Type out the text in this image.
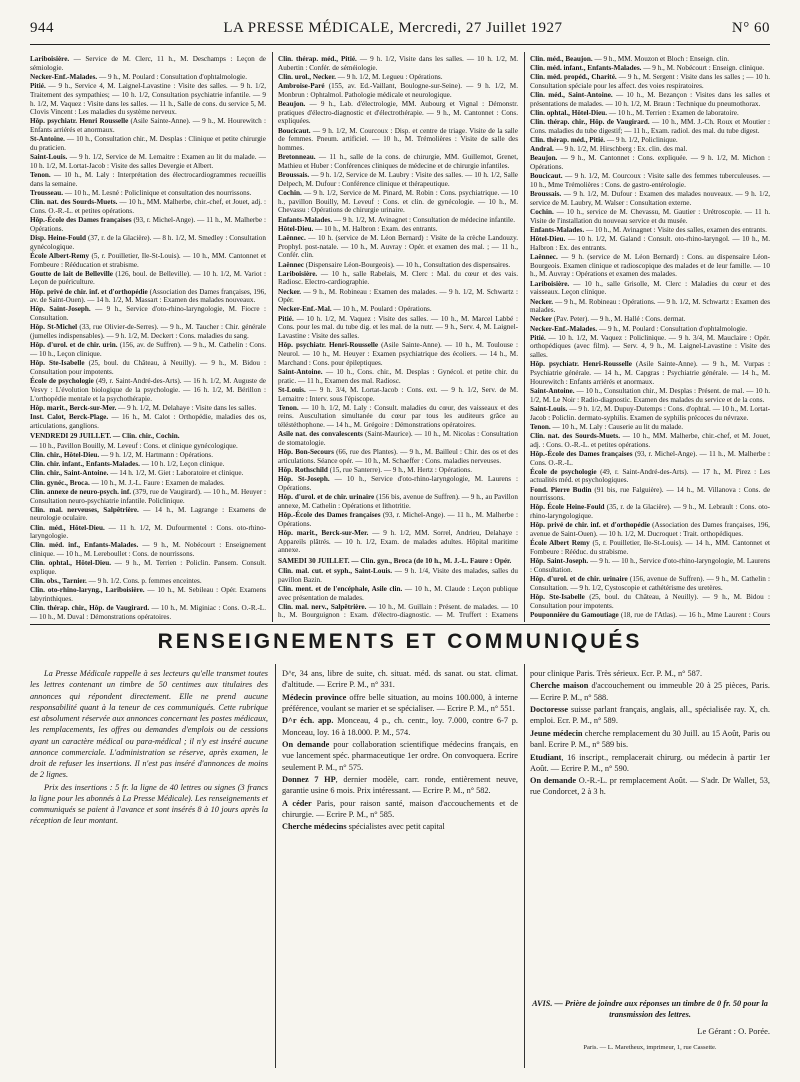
944	LA PRESSE MÉDICALE, Mercredi, 27 Juillet 1927	N° 60
Lariboisière. — Service de M. Clerc, 11 h., M. Deschamps : Leçon de sémiologie.
Necker-Enf.-Malades. — 9 h., M. Poulard : Consultation d'ophtalmologie.
Pitié. — 9 h., Service 4, M. Laignel-Lavastine : Visite des salles. — 9 h. 1/2, Traitement des sympathies; — 10 h. 1/2, Consultation psychiatrie infantile. — 9 h. 1/2, M. Vaquez : Visite dans les salles. — 11 h., Salle de cons. du service 5, M. Clovis Vincent : Les maladies du système nerveux.
Hôp. psychiatr. Henri Rousselle (Asile Sainte-Anne). — 9 h., M. Hourewitch : Enfants arriérés et anormaux.
St-Antoine. — 10 h., Consultation chir., M. Desplas : Clinique et petite chirurgie du praticien.
Saint-Louis. — 9 h. 1/2, Service de M. Lemaitre : Examen au lit du malade. — 10 h. 1/2, M. Lortat-Jacob : Visite des salles Devergie et Albert.
Tenon. — 10 h., M. Laly : Interprétation des électrocardiogrammes recueillis dans la semaine.
Trousseau. — 10 h., M. Lesné : Policlinique et consultation des nourrissons.
Clin. nat. des Sourds-Muets. — 10 h., MM. Malherbe, chir.-chef, et Jouet, adj. : Cons. O.-R.-L. et petites opérations.
Hôp.-École des Dames françaises (93, r. Michel-Ange). — 11 h., M. Malherbe : Opérations.
Disp. Heine-Fould (37, r. de la Glacière). — 8 h. 1/2, M. Smedley : Consultation gynécologique.
École Albert-Remy (5, r. Pouilletier, Ile-St-Louis). — 10 h., MM. Cantonnet et Fombeure : Rééducation et strabisme.
Goutte de lait de Belleville (126, boul. de Belleville). — 10 h. 1/2, M. Variot : Leçon de puériculture.
Hôp. privé de chir. inf. et d'orthopédie (Association des Dames françaises, 196, av. de Saint-Ouen). — 14 h. 1/2, M. Massart : Examen des malades nouveaux.
Hôp. Saint-Joseph. — 9 h., Service d'oto-rhino-laryngologie, M. Fiocre : Consultation.
Hôp. St-Michel (33, rue Olivier-de-Serres). — 9 h., M. Taucher : Chir. générale (jumelles indispensables). — 9 h. 1/2, M. Deckert : Cons. maladies du sang.
Hôp. d'urol. et de chir. urin. (156, av. de Suffren). — 9 h., M. Cathelin : Cons. — 10 h., Leçon clinique.
Hôp. Ste-Isabelle (25, boul. du Château, à Neuilly). — 9 h., M. Bidou : Consultation pour impotents.
École de psychologie (49, r. Saint-André-des-Arts). — 16 h. 1/2, M. Auguste de Vesvy : L'évolution biologique de la psychologie. — 16 h. 1/2, M. Bérillon : L'orthopédie mentale et la psychothérapie.
Hôp. marit., Berck-sur-Mer. — 9 h. 1/2, M. Delahaye : Visite dans les salles.
Inst. Calot, Berck-Plage. — 16 h., M. Calot : Orthopédie, maladies des os, articulations, ganglions.
VENDREDI 29 JUILLET. — Clin. chir., Cochin.
— 10 h., Pavillon Bouilly, M. Leveuf : Cons. et clinique gynécologique.
Clin. chir., Hôtel-Dieu. — 9 h. 1/2, M. Hartmann : Opérations.
Clin. chir. infant., Enfants-Malades. — 10 h. 1/2, Leçon clinique.
Clin. chir., Saint-Antoine. — 14 h. 1/2, M. Giet : Laboratoire et clinique.
Clin. gynéc., Broca. — 10 h., M. J.-L. Faure : Examen de malades.
Clin. annexe de neuro-psych. inf. (379, rue de Vaugirard). — 10 h., M. Heuyer : Consultation neuro-psychiatrie infantile. Policlinique.
Clin. mal. nerveuses, Salpêtrière. — 14 h., M. Lagrange : Examens de neurologie oculaire.
Clin. méd., Hôtel-Dieu. — 11 h. 1/2, M. Dufourmentel : Cons. oto-rhino-laryngologie.
Clin. méd. inf., Enfants-Malades. — 9 h., M. Nobécourt : Enseignement clinique. — 10 h., M. Lereboullet : Cons. de nourrissons.
Clin. ophtal., Hôtel-Dieu. — 9 h., M. Terrien : Policlin. Pansem. Consult. explique.
Clin. obs., Tarnier. — 9 h. 1/2. Cons. p. femmes enceintes.
Clin. oto-rhino-laryng., Lariboisière. — 10 h., M. Sebileau : Opér. Examens labyrinthiques.
Clin. thérap. chir., Hôp. de Vaugirard. — 10 h., M. Miginiac : Cons. O.-R.-L. — 10 h., M. Duval : Démonstrations opératoires.
Clin. thérap. méd., Pitié. — 9 h. 1/2, Visite dans les salles. — 10 h. 1/2, M. Aubertin : Confér. de séméiologie.
Clin. urol., Necker. — 9 h. 1/2, M. Legueu : Opérations.
Ambroise-Paré (155, av. Ed.-Vaillant, Boulogne-sur-Seine). — 9 h. 1/2, M. Monbrun : Ophtalmol. Pathologie médicale et neurologique.
Beaujon. — 9 h., Lab. d'électrologie, MM. Aubourg et Vignal : Démonstr. pratiques d'électro-diagnostic et d'électrothérapie. — 9 h., M. Cantonnet : Cons. expliquées.
Boucicaut. — 9 h. 1/2, M. Courcoux : Disp. et centre de triage. Visite de la salle de femmes. Pneum. artificiel. — 10 h., M. Trémolières : Visite de salle des hommes.
Bretonneau. — 11 h., salle de la cons. de chirurgie, MM. Guillemot, Grenet, Mathieu et Huber : Conférences cliniques de médecine et de chirurgie infantiles.
Broussais. — 9 h. 1/2, Service de M. Laubry : Visite des salles. — 10 h. 1/2, Salle Delpech, M. Dufour : Conférence clinique et thérapeutique.
Cochin. — 9 h. 1/2, Service de M. Pinard, M. Robin : Cons. psychiatrique. — 10 h., pavillon Bouilly, M. Leveuf : Cons. et clin. de gynécologie. — 10 h., M. Chevassu : Opérations de chirurgie urinaire.
Enfants-Malades. — 9 h. 1/2, M. Avinagnet : Consultation de médecine infantile.
Hôtel-Dieu. — 10 h., M. Halbron : Exam. des entrants.
Laënnec. — 10 h. (service de M. Léon Bernard) : Visite de la crèche Landouzy. Prophyl. post-natale. — 10 h., M. Auvray : Opér. et examen des mal. ; — 11 h., Confér. clin.
Laënnec (Dispensaire Léon-Bourgeois). — 10 h., Consultation des dispensaires.
Lariboisière. — 10 h., salle Rabelais, M. Clerc : Mal. du cœur et des vais. Radiosc. Electro-cardiographie.
Necker. — 9 h., M. Robineau : Examen des malades. — 9 h. 1/2, M. Schwartz : Opér.
Necker-Enf.-Mal. — 10 h., M. Poulard : Opérations.
Pitié. — 10 h. 1/2, M. Vaquez : Visite des salles. — 10 h., M. Marcel Labbé : Cons. pour les mal. du tube dig. et les mal. de la nutr. — 9 h., Serv. 4, M. Laignel-Lavastine : Visite des salles.
Hôp. psychiatr. Henri-Rousselle (Asile Sainte-Anne). — 10 h., M. Toulouse : Neurol. — 10 h., M. Heuyer : Examen psychiatrique des écoliers. — 14 h., M. Marchand : Cons. pour épileptiques.
Saint-Antoine. — 10 h., Cons. chir., M. Desplas : Gynécol. et petite chir. du pratic. — 11 h., Examen des mal. Radiosc.
St-Louis. — 9 h. 3/4, M. Lortat-Jacob : Cons. ext. — 9 h. 1/2, Serv. de M. Lemaitre : Interv. sous l'épiscope.
Tenon. — 10 h. 1/2, M. Laly : Consult. maladies du cœur, des vaisseaux et des reins. Auscultation simultanée du cœur par tous les auditeurs grâce au téléstéthophone. — 14 h., M. Grégoire : Démonstrations opératoires.
Asile nat. des convalescents (Saint-Maurice). — 10 h., M. Nicolas : Consultation de stomatologie.
Hôp. Bon-Secours (66, rue des Plantes). — 9 h., M. Bailleul : Chir. des os et des articulations. Séance opér. — 10 h., M. Schaeffer : Cons. maladies nerveuses.
Hôp. Rothschild (15, rue Santerre). — 9 h., M. Hertz : Opérations.
Hôp. St-Joseph. — 10 h., Service d'oto-rhino-laryngologie, M. Laurens : Opérations.
Hôp. d'urol. et de chir. urinaire (156 bis, avenue de Suffren). — 9 h., au Pavillon annexe, M. Cathelin : Opérations et lithotritie.
Hôp.-École des Dames françaises (93, r. Michel-Ange). — 11 h., M. Malherbe : Opérations.
Hôp. marit., Berck-sur-Mer. — 9 h. 1/2, MM. Sorrel, Andrieu, Delahaye : Appareils plâtrés. — 10 h. 1/2, Exam. de malades adultes. Hôpital maritime annexe.
SAMEDI 30 JUILLET. — Clin. gyn., Broca (de 10 h., M. J.-L. Faure : Opér.
Clin. mal. cut. et syph., Saint-Louis. — 9 h. 1/4, Visite des malades, salles du pavillon Bazin.
Clin. ment. et de l'encéphale, Asile clin. — 10 h., M. Claude : Leçon publique avec présentation de malades.
Clin. mal. nerv., Salpêtrière. — 10 h., M. Guillain : Présent. de malades. — 10 h., M. Bourguignon : Exam. d'électro-diagnostic. — M. Truffert : Examens
Clin. méd., Beaujon. — 9 h., MM. Mouzon et Bloch : Enseign. clin.
Clin. méd. infant., Enfants-Malades. — 9 h., M. Nobécourt : Enseign. clinique.
Clin. méd. propéd., Charité. — 9 h., M. Sergent : Visite dans les salles ; — 10 h. Consultation spéciale pour les affect. des voies respiratoires.
Clin. méd., Saint-Antoine. — 10 h., M. Bezançon : Visites dans les salles et présentations de malades. — 10 h. 1/2, M. Braun : Technique du pneumothorax.
Clin. ophtal., Hôtel-Dieu. — 10 h., M. Terrien : Examen de laboratoire.
Clin. thérap. chir., Hôp. de Vaugirard. — 10 h., MM. J.-Ch. Roux et Moutier : Cons. maladies du tube digestif; — 11 h., Exam. radiol. des mal. du tube digest.
Clin. thérap. méd., Pitié. — 9 h. 1/2, Policlinique.
Andral. — 9 h. 1/2, M. Hirschberg : Ex. clin. des mal.
Beaujon. — 9 h., M. Cantonnet : Cons. expliquée. — 9 h. 1/2, M. Michon : Opérations.
Boucicaut. — 9 h. 1/2, M. Courcoux : Visite salle des femmes tuberculeuses. — 10 h., Mme Trémolières : Cons. de gastro-entérologie.
Broussais. — 9 h. 1/2, M. Dufour : Examen des malades nouveaux. — 9 h. 1/2, service de M. Laubry, M. Walser : Consultation externe.
Cochin. — 10 h., service de M. Chevassu, M. Gautier : Urétroscopie. — 11 h. Visite de l'installation du nouveau service et du musée.
Enfants-Malades. — 10 h., M. Avinagnet : Visite des salles, examen des entrants.
Hôtel-Dieu. — 10 h. 1/2, M. Galand : Consult. oto-rhino-laryngol. — 10 h., M. Halbron : Ex. des entrants.
Laënnec. — 9 h. (service de M. Léon Bernard) : Cons. au dispensaire Léon-Bourgeois. Examen clinique et radioscopique des malades et de leur famille. — 10 h., M. Auvray : Opérations et examen des malades.
Lariboisière. — 10 h., salle Grisolle, M. Clerc : Maladies du cœur et des vaisseaux. Leçon clinique.
Necker. — 9 h., M. Robineau : Opérations. — 9 h. 1/2, M. Schwartz : Examen des malades.
Necker (Pav. Peter). — 9 h., M. Hallé : Cons. dermat.
Necker-Enf.-Malades. — 9 h., M. Poulard : Consultation d'ophtalmologie.
Pitié. — 10 h. 1/2, M. Vaquez : Policlinique. — 9 h. 3/4, M. Mauclaire : Opér. orthopédiques (avec film). — Serv. 4, 9 h., M. Laignel-Lavastine : Visite des salles.
Hôp. psychiatr. Henri-Rousselle (Asile Sainte-Anne). — 9 h., M. Vurpas : Psychiatrie générale. — 14 h., M. Capgras : Psychiatrie générale. — 14 h., M. Hourewitch : Enfants arriérés et anormaux.
Saint-Antoine. — 10 h., Consultation chir., M. Desplas : Présent. de mal. — 10 h. 1/2, M. Le Noir : Radio-diagnostic. Examen des malades du service et de la cons.
Saint-Louis. — 9 h. 1/2, M. Dupuy-Dutemps : Cons. d'ophtal. — 10 h., M. Lortat-Jacob : Policlin. dermato-syphilis. Examen de syphilis précoces du névraxe.
Tenon. — 10 h., M. Laly : Causerie au lit du malade.
Clin. nat. des Sourds-Muets. — 10 h., MM. Malherbe, chir.-chef, et M. Jouet, adj. : Cons. O.-R.-L. et petites opérations.
Hôp.-École des Dames françaises (93, r. Michel-Ange). — 11 h., M. Malherbe : Cons. O.-R.-L.
École de psychologie (49, r. Saint-André-des-Arts). — 17 h., M. Pirez : Les actualités méd. et psychologiques.
Fond. Pierre Budin (91 bis, rue Falguière). — 14 h., M. Villanova : Cons. de nourrissons.
Hôp. École Heine-Fould (35, r. de la Glacière). — 9 h., M. Lebrault : Cons. oto-rhino-laryngologique.
Hôp. privé de chir. inf. et d'orthopédie (Association des Dames françaises, 196, avenue de Saint-Ouen). — 10 h. 1/2, M. Ducroquet : Trait. orthopédiques.
École Albert Remy (5, r. Pouilletier, Ile-St-Louis). — 14 h., MM. Cantonnet et Fombeure : Rééduc. du strabisme.
Hôp. Saint-Joseph. — 9 h. — 10 h., Service d'oto-rhino-laryngologie, M. Laurens : Consultation.
Hôp. d'urol. et de chir. urinaire (156, avenue de Suffren). — 9 h., M. Cathelin : Consultation. — 9 h. 1/2, Cystoscopie et cathétérisme des uretères.
Hôp. Ste-Isabelle (25, boul. du Château, à Neuilly). — 9 h., M. Bidou : Consultation pour impotents.
Pouponnière du Gamoutiage (18, rue de l'Atlas). — 16 h., Mme Laurent : Cours
RENSEIGNEMENTS ET COMMUNIQUÉS

La Presse Médicale rappelle à ses lecteurs qu'elle transmet toutes les lettres contenant un timbre de 50 centimes aux titulaires des annonces qui répondent directement. Elle ne prend aucune responsabilité quant à la teneur de ces communiqués. Cette rubrique est absolument réservée aux annonces concernant les postes médicaux, les remplacements, les offres ou demandes d'emplois ou de cessions ayant un caractère médical ou para-médical ; il n'y est inséré aucune annonce commerciale. L'administration se réserve, après examen, le droit de refuser les insertions. Il n'est pas inséré d'annonces de moins de 2 lignes.

Prix des insertions : 5 fr. la ligne de 40 lettres ou signes (3 francs la ligne pour les abonnés à La Presse Médicale). Les renseignements et communiqués se paient à l'avance et sont insérés 8 à 10 jours après la réception de leur montant.

D^r, 34 ans, libre de suite, ch. situat. méd. ds sanat. ou stat. climat. d'altitude. — Ecrire P. M., n° 331.
Médecin province offre belle situation, au moins 100.000, à interne préférence, voulant se marier et se spécialiser. — Ecrire P. M., n° 551.
D^r éch. app. Monceau, 4 p., ch. centr., loy. 7.000, contre 6-7 p. Monceau, loy. 16 à 18.000. P. M., 574.
On demande pour collaboration scientifique médecins français, en vue lancement spéc. pharmaceutique 1er ordre. On convoquera. Ecrire seulement P. M., n° 575.
Donnez 7 HP, dernier modèle, carr. ronde, entièrement neuve, garantie usine 6 mois. Prix intéressant. — Ecrire P. M., n° 582.
A céder Paris, pour raison santé, maison d'accouchements et de chirurgie. — Ecrire P. M., n° 585.
Cherche médecins spécialistes avec petit capital
pour clinique Paris. Très sérieux. Ecr. P. M., n° 587.
Cherche maison d'accouchement ou immeuble 20 à 25 pièces, Paris. — Ecrire P. M., n° 588.
Doctoresse suisse parlant français, anglais, all., spécialisée ray. X, ch. emploi. Ecr. P. M., n° 589.
Jeune médecin cherche remplacement du 30 Juill. au 15 Août, Paris ou banl. Ecrire P. M., n° 589 bis.
Etudiant, 16 inscript., remplacerait chirurg. ou médecin à partir 1er Août. — Ecrire P. M., n° 590.
On demande O.-R.-L. pr remplacement Août. — S'adr. Dr Wallet, 53, rue Condorcet, 2 à 3 h.
AVIS. — Prière de joindre aux réponses un timbre de 0 fr. 50 pour la transmission des lettres.
Le Gérant : O. Porée.
Paris. — L. Maretheux, imprimeur, 1, rue Cassette.
